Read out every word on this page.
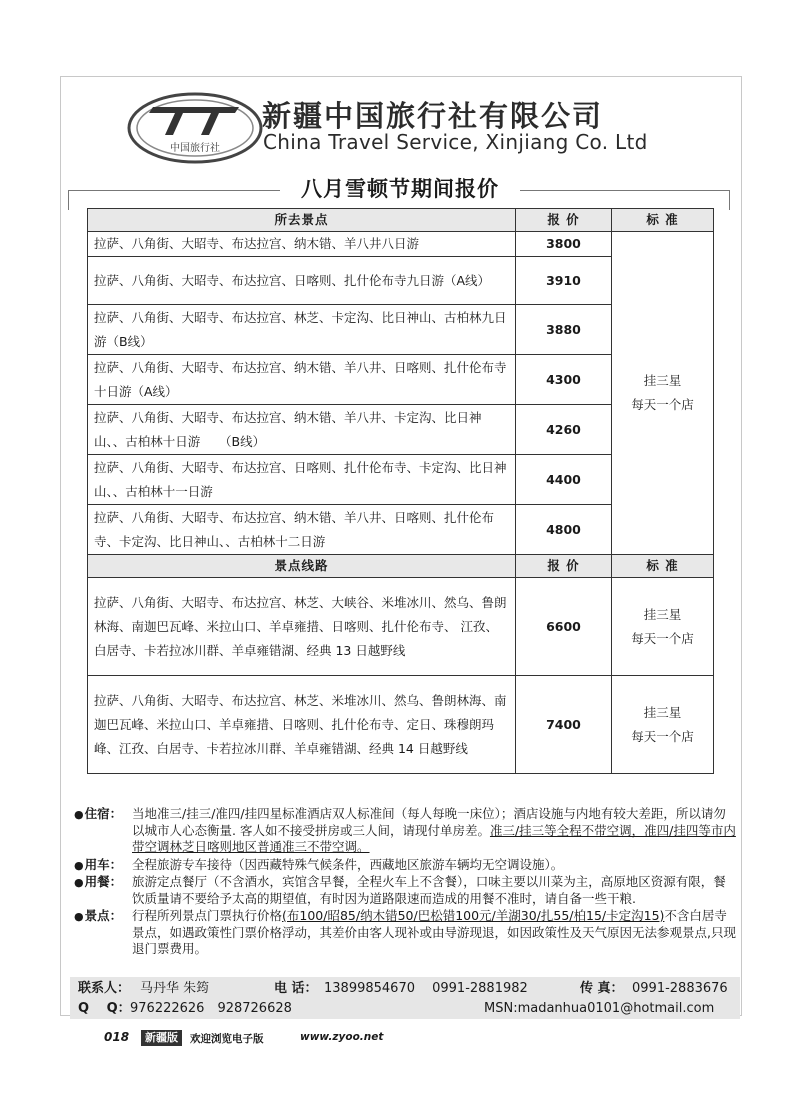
中国旅行社
新疆中国旅行社有限公司
China Travel Service, Xinjiang Co. Ltd
八月雪顿节期间报价
所去景点	报 价	标 准
拉萨、八角街、大昭寺、布达拉宫、纳木错、羊八井八日游	3800	挂三星
每天一个店

拉萨、八角街、大昭寺、布达拉宫、日喀则、扎什伦布寺九日游（A线）	3910	
拉萨、八角街、大昭寺、布达拉宫、林芝、卡定沟、比日神山、古柏林九日游（B线）	3880	
拉萨、八角街、大昭寺、布达拉宫、纳木错、羊八井、日喀则、扎什伦布寺十日游（A线）	4300	
拉萨、八角街、大昭寺、布达拉宫、纳木错、羊八井、卡定沟、比日神山、、古柏林十日游　　（B线）	4260	
拉萨、八角街、大昭寺、布达拉宫、日喀则、扎什伦布寺、卡定沟、比日神山、、古柏林十一日游	4400	
拉萨、八角街、大昭寺、布达拉宫、纳木错、羊八井、日喀则、扎什伦布寺、卡定沟、比日神山、、古柏林十二日游	4800	
景点线路	报 价	标 准
拉萨、八角街、大昭寺、布达拉宫、林芝、大峡谷、米堆冰川、然乌、鲁朗林海、南迦巴瓦峰、米拉山口、羊卓雍措、日喀则、扎什伦布寺、 江孜、白居寺、卡若拉冰川群、羊卓雍错湖、经典 13 日越野线	6600	挂三星
每天一个店

拉萨、八角街、大昭寺、布达拉宫、林芝、米堆冰川、然乌、鲁朗林海、南迦巴瓦峰、米拉山口、羊卓雍措、日喀则、扎什伦布寺、定日、珠穆朗玛峰、江孜、白居寺、卡若拉冰川群、羊卓雍错湖、经典 14 日越野线	7400	挂三星
每天一个店
● 住宿： 当地准三/挂三/准四/挂四星标准酒店双人标准间（每人每晚一床位）；酒店设施与内地有较大差距，所以请勿以城市人心态衡量. 客人如不接受拼房或三人间，请现付单房差。准三/挂三等全程不带空调，准四/挂四等市内带空调林芝日喀则地区普通准三不带空调。
● 用车： 全程旅游专车接待（因西藏特殊气候条件，西藏地区旅游车辆均无空调设施）。
● 用餐： 旅游定点餐厅（不含酒水，宾馆含早餐，全程火车上不含餐），口味主要以川菜为主，高原地区资源有限，餐饮质量请不要给予太高的期望值，有时因为道路限速而造成的用餐不准时，请自备一些干粮.
● 景点： 行程所列景点门票执行价格(布100/昭85/纳木错50/巴松错100元/羊湖30/扎55/柏15/卡定沟15)不含白居寺景点，如遇政策性门票价格浮动，其差价由客人现补或由导游现退，如因政策性及天气原因无法参观景点,只现退门票费用。
联系人： 马丹华 朱筠	电 话： 13899854670　 0991-2881982	传 真： 0991-2883676
Q　 Q： 976222626　928726628	MSN:madanhua0101@hotmail.com
018	新疆版	欢迎浏览电子版	www.zyoo.net
